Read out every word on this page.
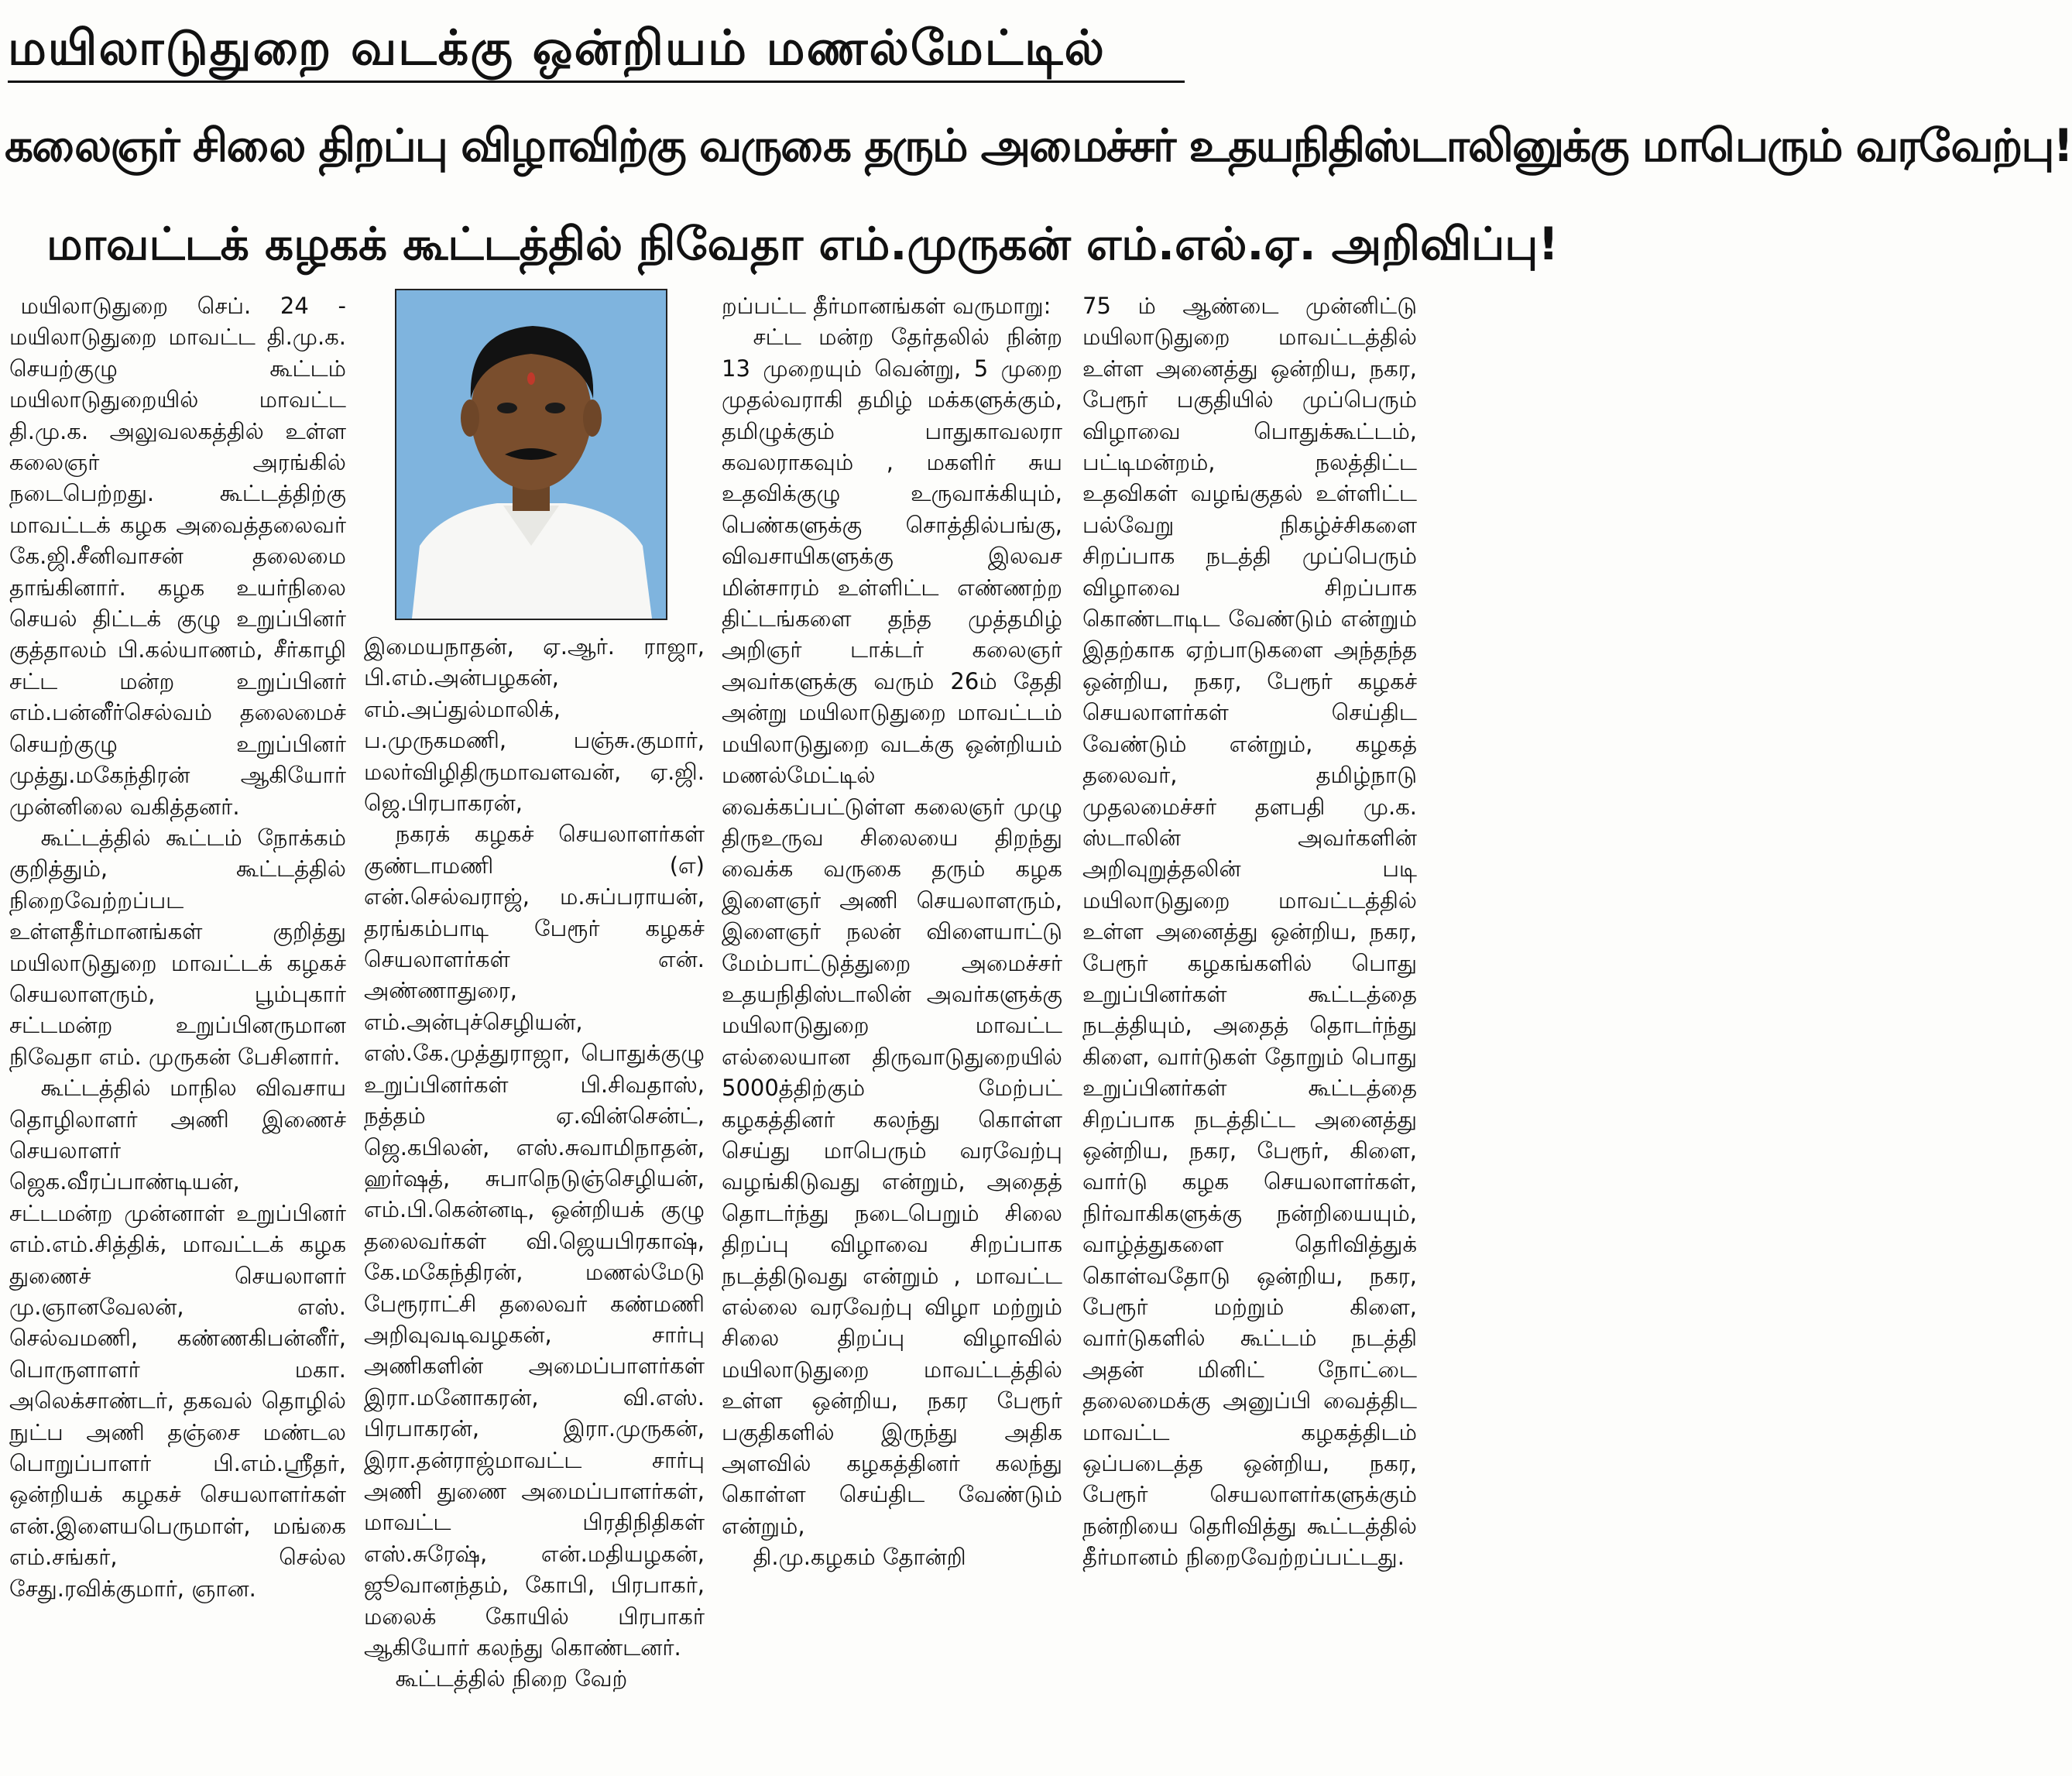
மயிலாடுதுறை வடக்கு ஒன்றியம் மணல்மேட்டில்
கலைஞர் சிலை திறப்பு விழாவிற்கு வருகை தரும் அமைச்சர் உதயநிதிஸ்டாலினுக்கு மாபெரும் வரவேற்பு!
மாவட்டக் கழகக் கூட்டத்தில் நிவேதா எம்.முருகன் எம்.எல்.ஏ. அறிவிப்பு!

மயிலாடுதுறை செப். 24 - மயிலாடுதுறை மாவட்ட தி.மு.க. செயற்குழு கூட்டம் மயிலாடுதுறையில் மாவட்ட தி.மு.க. அலுவலகத்தில் உள்ள கலைஞர் அரங்கில் நடைபெற்றது. கூட்டத்திற்கு மாவட்டக் கழக அவைத்தலைவர் கே.ஜி.சீனிவாசன் தலைமை தாங்கினார். கழக உயர்நிலை செயல் திட்டக் குழு உறுப்பினர் குத்தாலம் பி.கல்யாணம், சீர்காழி சட்ட மன்ற உறுப்பினர் எம்.பன்னீர்செல்வம் தலைமைச் செயற்குழு உறுப்பினர் முத்து.மகேந்திரன் ஆகியோர் முன்னிலை வகித்தனர்.

கூட்டத்தில் கூட்டம் நோக்கம் குறித்தும், கூட்டத்தில் நிறைவேற்றப்பட உள்ளதீர்மானங்கள் குறித்து மயிலாடுதுறை மாவட்டக் கழகச் செயலாளரும், பூம்புகார் சட்டமன்ற உறுப்பினருமான நிவேதா எம். முருகன் பேசினார்.

கூட்டத்தில் மாநில விவசாய தொழிலாளர் அணி இணைச் செயலாளர் ஜெக.வீரப்பாண்டியன், சட்டமன்ற முன்னாள் உறுப்பினர் எம்.எம்.சித்திக், மாவட்டக் கழக துணைச் செயலாளர் மு.ஞானவேலன், எஸ். செல்வமணி, கண்ணகிபன்னீர், பொருளாளர் மகா. அலெக்சாண்டர், தகவல் தொழில் நுட்ப அணி தஞ்சை மண்டல பொறுப்பாளர் பி.எம்.ஸ்ரீதர், ஒன்றியக் கழகச் செயலாளர்கள் என்.இளையபெருமாள், மங்கை எம்.சங்கர், செல்ல சேது.ரவிக்குமார், ஞான.

இமையநாதன், ஏ.ஆர். ராஜா, பி.எம்.அன்பழகன், எம்.அப்துல்மாலிக், ப.முருகமணி, பஞ்சு.குமார், மலர்விழிதிருமாவளவன், ஏ.ஜி. ஜெ.பிரபாகரன்,

நகரக் கழகச் செயலாளர்கள் குண்டாமணி (எ) என்.செல்வராஜ், ம.சுப்பராயன், தரங்கம்பாடி பேரூர் கழகச் செயலாளர்கள் என். அண்ணாதுரை, எம்.அன்புச்செழியன், எஸ்.கே.முத்துராஜா, பொதுக்குழு உறுப்பினர்கள் பி.சிவதாஸ், நத்தம் ஏ.வின்சென்ட், ஜெ.கபிலன், எஸ்.சுவாமிநாதன், ஹர்ஷத், சுபாநெடுஞ்செழியன், எம்.பி.கென்னடி, ஒன்றியக் குழு தலைவர்கள் வி.ஜெயபிரகாஷ், கே.மகேந்திரன், மணல்மேடு பேரூராட்சி தலைவர் கண்மணி அறிவுவடிவழகன், சார்பு அணிகளின் அமைப்பாளர்கள் இரா.மனோகரன், வி.எஸ். பிரபாகரன், இரா.முருகன், இரா.தன்ராஜ்மாவட்ட சார்பு அணி துணை அமைப்பாளர்கள், மாவட்ட பிரதிநிதிகள் எஸ்.சுரேஷ், என்.மதியழகன், ஜூவானந்தம், கோபி, பிரபாகர், மலைக் கோயில் பிரபாகர் ஆகியோர் கலந்து கொண்டனர்.

கூட்டத்தில் நிறை வேற்

றப்பட்ட தீர்மானங்கள் வருமாறு:

சட்ட மன்ற தேர்தலில் நின்ற 13 முறையும் வென்று, 5 முறை முதல்வராகி தமிழ் மக்களுக்கும், தமிழுக்கும் பாதுகாவலரா கவலராகவும் , மகளிர் சுய உதவிக்குழு உருவாக்கியும், பெண்களுக்கு சொத்தில்பங்கு, விவசாயிகளுக்கு இலவச மின்சாரம் உள்ளிட்ட எண்ணற்ற திட்டங்களை தந்த முத்தமிழ் அறிஞர் டாக்டர் கலைஞர் அவர்களுக்கு வரும் 26ம் தேதி அன்று மயிலாடுதுறை மாவட்டம் மயிலாடுதுறை வடக்கு ஒன்றியம் மணல்மேட்டில் வைக்கப்பட்டுள்ள கலைஞர் முழு திருஉருவ சிலையை திறந்து வைக்க வருகை தரும் கழக இளைஞர் அணி செயலாளரும், இளைஞர் நலன் விளையாட்டு மேம்பாட்டுத்துறை அமைச்சர் உதயநிதிஸ்டாலின் அவர்களுக்கு மயிலாடுதுறை மாவட்ட எல்லையான திருவாடுதுறையில் 5000த்திற்கும் மேற்பட் கழகத்தினர் கலந்து கொள்ள செய்து மாபெரும் வரவேற்பு வழங்கிடுவது என்றும், அதைத் தொடர்ந்து நடைபெறும் சிலை திறப்பு விழாவை சிறப்பாக நடத்திடுவது என்றும் , மாவட்ட எல்லை வரவேற்பு விழா மற்றும் சிலை திறப்பு விழாவில் மயிலாடுதுறை மாவட்டத்தில் உள்ள ஒன்றிய, நகர பேரூர் பகுதிகளில் இருந்து அதிக அளவில் கழகத்தினர் கலந்து கொள்ள செய்திட வேண்டும் என்றும்,

தி.மு.கழகம் தோன்றி

75 ம் ஆண்டை முன்னிட்டு மயிலாடுதுறை மாவட்டத்தில் உள்ள அனைத்து ஒன்றிய, நகர, பேரூர் பகுதியில் முப்பெரும் விழாவை பொதுக்கூட்டம், பட்டிமன்றம், நலத்திட்ட உதவிகள் வழங்குதல் உள்ளிட்ட பல்வேறு நிகழ்ச்சிகளை சிறப்பாக நடத்தி முப்பெரும் விழாவை சிறப்பாக கொண்டாடிட வேண்டும் என்றும் இதற்காக ஏற்பாடுகளை அந்தந்த ஒன்றிய, நகர, பேரூர் கழகச் செயலாளர்கள் செய்திட வேண்டும் என்றும், கழகத் தலைவர், தமிழ்நாடு முதலமைச்சர் தளபதி மு.க. ஸ்டாலின் அவர்களின் அறிவுறுத்தலின் படி மயிலாடுதுறை மாவட்டத்தில் உள்ள அனைத்து ஒன்றிய, நகர, பேரூர் கழகங்களில் பொது உறுப்பினர்கள் கூட்டத்தை நடத்தியும், அதைத் தொடர்ந்து கிளை, வார்டுகள் தோறும் பொது உறுப்பினர்கள் கூட்டத்தை சிறப்பாக நடத்திட்ட அனைத்து ஒன்றிய, நகர, பேரூர், கிளை, வார்டு கழக செயலாளர்கள், நிர்வாகிகளுக்கு நன்றியையும், வாழ்த்துகளை தெரிவித்துக் கொள்வதோடு ஒன்றிய, நகர, பேரூர் மற்றும் கிளை, வார்டுகளில் கூட்டம் நடத்தி அதன் மினிட் நோட்டை தலைமைக்கு அனுப்பி வைத்திட மாவட்ட கழகத்திடம் ஒப்படைத்த ஒன்றிய, நகர, பேரூர் செயலாளர்களுக்கும் நன்றியை தெரிவித்து கூட்டத்தில் தீர்மானம் நிறைவேற்றப்பட்டது.
